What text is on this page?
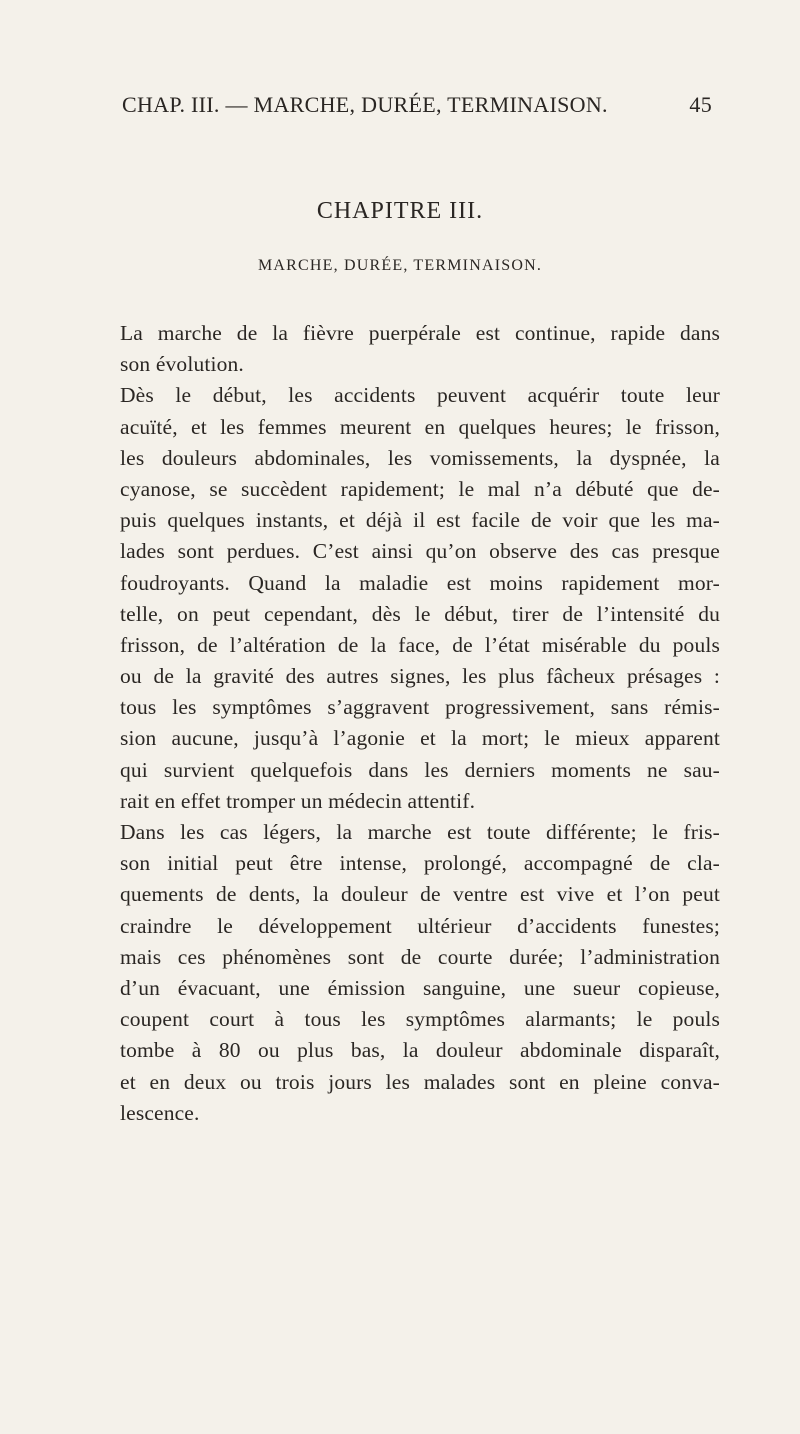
CHAP. III. — MARCHE, DURÉE, TERMINAISON.	45
CHAPITRE III.
MARCHE, DURÉE, TERMINAISON.
La marche de la fièvre puerpérale est continue, rapide dans
son évolution.
Dès le début, les accidents peuvent acquérir toute leur
acuïté, et les femmes meurent en quelques heures; le frisson,
les douleurs abdominales, les vomissements, la dyspnée, la
cyanose, se succèdent rapidement; le mal n’a débuté que de-
puis quelques instants, et déjà il est facile de voir que les ma-
lades sont perdues. C’est ainsi qu’on observe des cas presque
foudroyants. Quand la maladie est moins rapidement mor-
telle, on peut cependant, dès le début, tirer de l’intensité du
frisson, de l’altération de la face, de l’état misérable du pouls
ou de la gravité des autres signes, les plus fâcheux présages :
tous les symptômes s’aggravent progressivement, sans rémis-
sion aucune, jusqu’à l’agonie et la mort; le mieux apparent
qui survient quelquefois dans les derniers moments ne sau-
rait en effet tromper un médecin attentif.
Dans les cas légers, la marche est toute différente; le fris-
son initial peut être intense, prolongé, accompagné de cla-
quements de dents, la douleur de ventre est vive et l’on peut
craindre le développement ultérieur d’accidents funestes;
mais ces phénomènes sont de courte durée; l’administration
d’un évacuant, une émission sanguine, une sueur copieuse,
coupent court à tous les symptômes alarmants; le pouls
tombe à 80 ou plus bas, la douleur abdominale disparaît,
et en deux ou trois jours les malades sont en pleine conva-
lescence.
